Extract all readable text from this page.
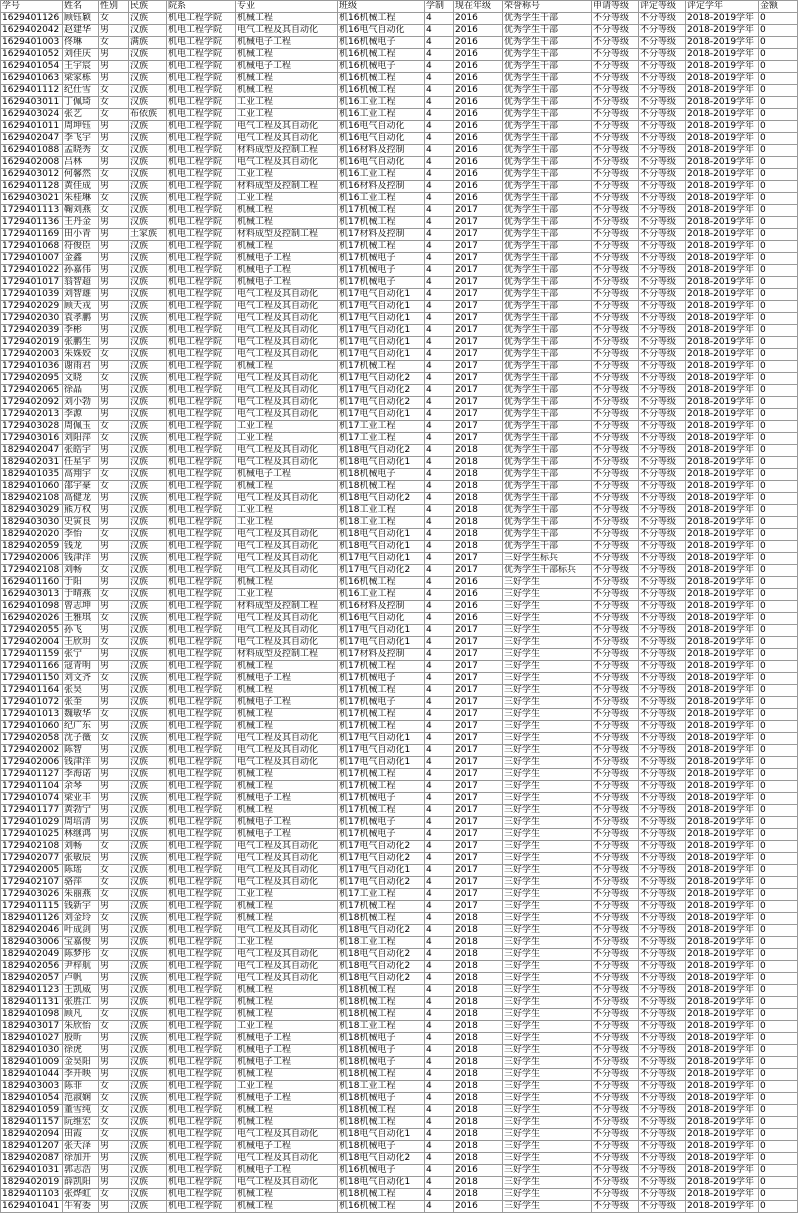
学号	姓名	性别	民族	院系	专业	班级	学制	现在年级	荣誉称号	申请等级	评定等级	评定学年	金额
1629401126	顾钰颖	女	汉族	机电工程学院	机械工程	机16机械工程	4	2016	优秀学生干部	不分等级	不分等级	2018-2019学年	0
1629402042	赵建华	男	汉族	机电工程学院	电气工程及其自动化	机16电气自动化	4	2016	优秀学生干部	不分等级	不分等级	2018-2019学年	0
1629401003	佟琳	女	满族	机电工程学院	机械电子工程	机16机械电子	4	2016	优秀学生干部	不分等级	不分等级	2018-2019学年	0
1629401052	刘佳庆	男	汉族	机电工程学院	机械工程	机16机械工程	4	2016	优秀学生干部	不分等级	不分等级	2018-2019学年	0
1629401054	王宇宸	男	汉族	机电工程学院	机械电子工程	机16机械电子	4	2016	优秀学生干部	不分等级	不分等级	2018-2019学年	0
1629401063	梁家栋	男	汉族	机电工程学院	机械工程	机16机械工程	4	2016	优秀学生干部	不分等级	不分等级	2018-2019学年	0
1629401112	纪仕雪	女	汉族	机电工程学院	机械工程	机16机械工程	4	2016	优秀学生干部	不分等级	不分等级	2018-2019学年	0
1629403011	丁佩琦	女	汉族	机电工程学院	工业工程	机16工业工程	4	2016	优秀学生干部	不分等级	不分等级	2018-2019学年	0
1629403024	张艺	女	布依族	机电工程学院	工业工程	机16工业工程	4	2016	优秀学生干部	不分等级	不分等级	2018-2019学年	0
1629401011	周坤钰	男	汉族	机电工程学院	电气工程及其自动化	机16电气自动化	4	2016	优秀学生干部	不分等级	不分等级	2018-2019学年	0
1629402047	李飞宇	男	汉族	机电工程学院	电气工程及其自动化	机16电气自动化	4	2016	优秀学生干部	不分等级	不分等级	2018-2019学年	0
1629401088	孟晓秀	女	汉族	机电工程学院	材料成型及控制工程	机16材料及控制	4	2016	优秀学生干部	不分等级	不分等级	2018-2019学年	0
1629402008	吕林	男	汉族	机电工程学院	电气工程及其自动化	机16电气自动化	4	2016	优秀学生干部	不分等级	不分等级	2018-2019学年	0
1629403012	何馨然	女	汉族	机电工程学院	工业工程	机16工业工程	4	2016	优秀学生干部	不分等级	不分等级	2018-2019学年	0
1629401128	黄佳成	男	汉族	机电工程学院	材料成型及控制工程	机16材料及控制	4	2016	优秀学生干部	不分等级	不分等级	2018-2019学年	0
1629403021	朱桂琳	女	汉族	机电工程学院	工业工程	机16工业工程	4	2016	优秀学生干部	不分等级	不分等级	2018-2019学年	0
1729401113	鞠刘燕	女	汉族	机电工程学院	机械工程	机17机械工程	4	2017	优秀学生干部	不分等级	不分等级	2018-2019学年	0
1729401136	王丹金	男	汉族	机电工程学院	机械工程	机17机械工程	4	2017	优秀学生干部	不分等级	不分等级	2018-2019学年	0
1729401169	田小青	男	土家族	机电工程学院	材料成型及控制工程	机17材料及控制	4	2017	优秀学生干部	不分等级	不分等级	2018-2019学年	0
1729401068	符俊臣	男	汉族	机电工程学院	机械工程	机17机械工程	4	2017	优秀学生干部	不分等级	不分等级	2018-2019学年	0
1729401007	金鑫	男	汉族	机电工程学院	机械电子工程	机17机械电子	4	2017	优秀学生干部	不分等级	不分等级	2018-2019学年	0
1729401022	孙嘉伟	男	汉族	机电工程学院	机械电子工程	机17机械电子	4	2017	优秀学生干部	不分等级	不分等级	2018-2019学年	0
1729401017	翁智超	男	汉族	机电工程学院	机械电子工程	机17机械电子	4	2017	优秀学生干部	不分等级	不分等级	2018-2019学年	0
1729401039	刘智雄	男	汉族	机电工程学院	电气工程及其自动化	机17电气自动化1	4	2017	优秀学生干部	不分等级	不分等级	2018-2019学年	0
1729402029	顾天戎	男	汉族	机电工程学院	电气工程及其自动化	机17电气自动化1	4	2017	优秀学生干部	不分等级	不分等级	2018-2019学年	0
1729402030	袁孝鹏	男	汉族	机电工程学院	电气工程及其自动化	机17电气自动化1	4	2017	优秀学生干部	不分等级	不分等级	2018-2019学年	0
1729402039	李彬	男	汉族	机电工程学院	电气工程及其自动化	机17电气自动化1	4	2017	优秀学生干部	不分等级	不分等级	2018-2019学年	0
1729402019	张鹏生	男	汉族	机电工程学院	电气工程及其自动化	机17电气自动化1	4	2017	优秀学生干部	不分等级	不分等级	2018-2019学年	0
1729402003	朱姝姣	女	汉族	机电工程学院	电气工程及其自动化	机17电气自动化1	4	2017	优秀学生干部	不分等级	不分等级	2018-2019学年	0
1729401036	谢雨君	男	汉族	机电工程学院	机械工程	机17机械工程	4	2017	优秀学生干部	不分等级	不分等级	2018-2019学年	0
1729402095	文晓	女	汉族	机电工程学院	电气工程及其自动化	机17电气自动化2	4	2017	优秀学生干部	不分等级	不分等级	2018-2019学年	0
1729402065	徐晶	男	汉族	机电工程学院	电气工程及其自动化	机17电气自动化2	4	2017	优秀学生干部	不分等级	不分等级	2018-2019学年	0
1729402092	刘小勃	男	汉族	机电工程学院	电气工程及其自动化	机17电气自动化2	4	2017	优秀学生干部	不分等级	不分等级	2018-2019学年	0
1729402013	李源	男	汉族	机电工程学院	电气工程及其自动化	机17电气自动化1	4	2017	优秀学生干部	不分等级	不分等级	2018-2019学年	0
1729403028	周佩玉	女	汉族	机电工程学院	工业工程	机17工业工程	4	2017	优秀学生干部	不分等级	不分等级	2018-2019学年	0
1729403016	刘阳萍	女	汉族	机电工程学院	工业工程	机17工业工程	4	2017	优秀学生干部	不分等级	不分等级	2018-2019学年	0
1829402047	张皓宇	男	汉族	机电工程学院	电气工程及其自动化	机18电气自动化2	4	2018	优秀学生干部	不分等级	不分等级	2018-2019学年	0
1829402031	任星宇	男	汉族	机电工程学院	电气工程及其自动化	机18电气自动化1	4	2018	优秀学生干部	不分等级	不分等级	2018-2019学年	0
1829401035	高翔宇	女	汉族	机电工程学院	机械电子工程	机18机械电子	4	2018	优秀学生干部	不分等级	不分等级	2018-2019学年	0
1829401060	邵宇豪	女	汉族	机电工程学院	机械工程	机18机械工程	4	2018	优秀学生干部	不分等级	不分等级	2018-2019学年	0
1829402108	高健龙	男	汉族	机电工程学院	电气工程及其自动化	机18电气自动化2	4	2018	优秀学生干部	不分等级	不分等级	2018-2019学年	0
1829403029	熊万权	男	汉族	机电工程学院	工业工程	机18工业工程	4	2018	优秀学生干部	不分等级	不分等级	2018-2019学年	0
1829403030	史寅良	男	汉族	机电工程学院	工业工程	机18工业工程	4	2018	优秀学生干部	不分等级	不分等级	2018-2019学年	0
1829402020	李怡	女	汉族	机电工程学院	电气工程及其自动化	机18电气自动化1	4	2018	优秀学生干部	不分等级	不分等级	2018-2019学年	0
1829402059	钱龙	男	汉族	机电工程学院	电气工程及其自动化	机18电气自动化1	4	2018	优秀学生干部	不分等级	不分等级	2018-2019学年	0
1729402006	钱津洋	男	汉族	机电工程学院	电气工程及其自动化	机17电气自动化1	4	2017	三好学生标兵	不分等级	不分等级	2018-2019学年	0
1729402108	刘畅	女	汉族	机电工程学院	电气工程及其自动化	机17电气自动化2	4	2017	优秀学生干部标兵	不分等级	不分等级	2018-2019学年	0
1629401160	于阳	男	汉族	机电工程学院	机械工程	机16机械工程	4	2016	三好学生	不分等级	不分等级	2018-2019学年	0
1629403013	于晴燕	女	汉族	机电工程学院	工业工程	机16工业工程	4	2016	三好学生	不分等级	不分等级	2018-2019学年	0
1629401098	曾志坤	男	汉族	机电工程学院	材料成型及控制工程	机16材料及控制	4	2016	三好学生	不分等级	不分等级	2018-2019学年	0
1629402026	王雅琪	女	汉族	机电工程学院	电气工程及其自动化	机16电气自动化	4	2016	三好学生	不分等级	不分等级	2018-2019学年	0
1729402055	孙飞	男	汉族	机电工程学院	电气工程及其自动化	机17电气自动化1	4	2017	三好学生	不分等级	不分等级	2018-2019学年	0
1729402004	王欣玥	女	汉族	机电工程学院	电气工程及其自动化	机17电气自动化1	4	2017	三好学生	不分等级	不分等级	2018-2019学年	0
1729401159	张宁	男	汉族	机电工程学院	材料成型及控制工程	机17材料及控制	4	2017	三好学生	不分等级	不分等级	2018-2019学年	0
1729401166	寇青明	男	汉族	机电工程学院	机械工程	机17机械工程	4	2017	三好学生	不分等级	不分等级	2018-2019学年	0
1729401150	刘文齐	女	汉族	机电工程学院	机械电子工程	机17机械电子	4	2017	三好学生	不分等级	不分等级	2018-2019学年	0
1729401164	张昊	男	汉族	机电工程学院	机械工程	机17机械工程	4	2017	三好学生	不分等级	不分等级	2018-2019学年	0
1729401072	张奎	男	汉族	机电工程学院	机械电子工程	机17机械电子	4	2017	三好学生	不分等级	不分等级	2018-2019学年	0
1729401013	魏敏华	女	汉族	机电工程学院	机械工程	机17机械工程	4	2017	三好学生	不分等级	不分等级	2018-2019学年	0
1729401060	纪广东	男	汉族	机电工程学院	机械工程	机17机械工程	4	2017	三好学生	不分等级	不分等级	2018-2019学年	0
1729402058	沈子薇	女	汉族	机电工程学院	电气工程及其自动化	机17电气自动化1	4	2017	三好学生	不分等级	不分等级	2018-2019学年	0
1729402002	陈智	男	汉族	机电工程学院	电气工程及其自动化	机17电气自动化1	4	2017	三好学生	不分等级	不分等级	2018-2019学年	0
1729402006	钱津洋	男	汉族	机电工程学院	电气工程及其自动化	机17电气自动化1	4	2017	三好学生	不分等级	不分等级	2018-2019学年	0
1729401127	李海诺	男	汉族	机电工程学院	机械工程	机17机械工程	4	2017	三好学生	不分等级	不分等级	2018-2019学年	0
1729401104	余琴	男	汉族	机电工程学院	机械工程	机17机械工程	4	2017	三好学生	不分等级	不分等级	2018-2019学年	0
1729401074	梁业丰	男	汉族	机电工程学院	机械电子工程	机17机械电子	4	2017	三好学生	不分等级	不分等级	2018-2019学年	0
1729401177	黄勃宁	男	汉族	机电工程学院	机械工程	机17机械工程	4	2017	三好学生	不分等级	不分等级	2018-2019学年	0
1729401029	周培清	男	汉族	机电工程学院	机械电子工程	机17机械电子	4	2017	三好学生	不分等级	不分等级	2018-2019学年	0
1729401025	林继鸿	男	汉族	机电工程学院	机械电子工程	机17机械电子	4	2017	三好学生	不分等级	不分等级	2018-2019学年	0
1729402108	刘畅	女	汉族	机电工程学院	电气工程及其自动化	机17电气自动化2	4	2017	三好学生	不分等级	不分等级	2018-2019学年	0
1729402077	张敏辰	男	汉族	机电工程学院	电气工程及其自动化	机17电气自动化2	4	2017	三好学生	不分等级	不分等级	2018-2019学年	0
1729402005	陈瑶	女	汉族	机电工程学院	电气工程及其自动化	机17电气自动化1	4	2017	三好学生	不分等级	不分等级	2018-2019学年	0
1729402107	骆萍	女	汉族	机电工程学院	电气工程及其自动化	机17电气自动化2	4	2017	三好学生	不分等级	不分等级	2018-2019学年	0
1729403026	朱丽燕	女	汉族	机电工程学院	工业工程	机17工业工程	4	2017	三好学生	不分等级	不分等级	2018-2019学年	0
1729401115	钱新宇	男	汉族	机电工程学院	机械工程	机17机械工程	4	2017	三好学生	不分等级	不分等级	2018-2019学年	0
1829401126	刘金玲	女	汉族	机电工程学院	机械工程	机18机械工程	4	2018	三好学生	不分等级	不分等级	2018-2019学年	0
1829402046	叶成剑	男	汉族	机电工程学院	电气工程及其自动化	机18电气自动化2	4	2018	三好学生	不分等级	不分等级	2018-2019学年	0
1829403006	宝嘉俊	男	汉族	机电工程学院	工业工程	机18工业工程	4	2018	三好学生	不分等级	不分等级	2018-2019学年	0
1829402049	陈梦彤	女	汉族	机电工程学院	电气工程及其自动化	机18电气自动化2	4	2018	三好学生	不分等级	不分等级	2018-2019学年	0
1829402056	尹梓航	男	汉族	机电工程学院	电气工程及其自动化	机18电气自动化2	4	2018	三好学生	不分等级	不分等级	2018-2019学年	0
1829402057	卢帆	男	汉族	机电工程学院	电气工程及其自动化	机18电气自动化2	4	2018	三好学生	不分等级	不分等级	2018-2019学年	0
1829401123	王凯威	男	汉族	机电工程学院	机械工程	机18机械工程	4	2018	三好学生	不分等级	不分等级	2018-2019学年	0
1829401131	张胜江	男	汉族	机电工程学院	机械工程	机18机械工程	4	2018	三好学生	不分等级	不分等级	2018-2019学年	0
1829401098	顾凡	女	汉族	机电工程学院	机械工程	机18机械工程	4	2018	三好学生	不分等级	不分等级	2018-2019学年	0
1829403017	朱欣怡	女	汉族	机电工程学院	工业工程	机18工业工程	4	2018	三好学生	不分等级	不分等级	2018-2019学年	0
1829401027	殷昕	男	汉族	机电工程学院	机械电子工程	机18机械电子	4	2018	三好学生	不分等级	不分等级	2018-2019学年	0
1829401030	徐虎	男	汉族	机电工程学院	机械电子工程	机18机械电子	4	2018	三好学生	不分等级	不分等级	2018-2019学年	0
1829401009	金昊阳	男	汉族	机电工程学院	机械电子工程	机18机械电子	4	2018	三好学生	不分等级	不分等级	2018-2019学年	0
1829401044	李开映	男	汉族	机电工程学院	机械工程	机18机械工程	4	2018	三好学生	不分等级	不分等级	2018-2019学年	0
1829403003	陈菲	女	汉族	机电工程学院	工业工程	机18工业工程	4	2018	三好学生	不分等级	不分等级	2018-2019学年	0
1829401054	范淑娴	女	汉族	机电工程学院	机械电子工程	机18机械电子	4	2018	三好学生	不分等级	不分等级	2018-2019学年	0
1829401059	董雪纯	女	汉族	机电工程学院	机械工程	机18机械工程	4	2018	三好学生	不分等级	不分等级	2018-2019学年	0
1829401157	阮维宏	女	汉族	机电工程学院	机械工程	机18机械工程	4	2018	三好学生	不分等级	不分等级	2018-2019学年	0
1829402094	田霞	女	汉族	机电工程学院	电气工程及其自动化	机18电气自动化1	4	2018	三好学生	不分等级	不分等级	2018-2019学年	0
1829401207	张天泽	男	汉族	机电工程学院	机械电子工程	机18机械电子	4	2018	三好学生	不分等级	不分等级	2018-2019学年	0
1829402087	徐加开	男	汉族	机电工程学院	电气工程及其自动化	机18电气自动化2	4	2018	三好学生	不分等级	不分等级	2018-2019学年	0
1629401031	郭志浩	男	汉族	机电工程学院	机械电子工程	机16机械电子	4	2016	三好学生	不分等级	不分等级	2018-2019学年	0
1829402019	薛凯阳	男	汉族	机电工程学院	电气工程及其自动化	机18电气自动化1	4	2018	三好学生	不分等级	不分等级	2018-2019学年	0
1829401103	张烨虹	女	汉族	机电工程学院	机械工程	机18机械工程	4	2018	三好学生	不分等级	不分等级	2018-2019学年	0
1629401041	牛宥委	男	汉族	机电工程学院	机械工程	机16机械工程	4	2016	三好学生	不分等级	不分等级	2018-2019学年	0
